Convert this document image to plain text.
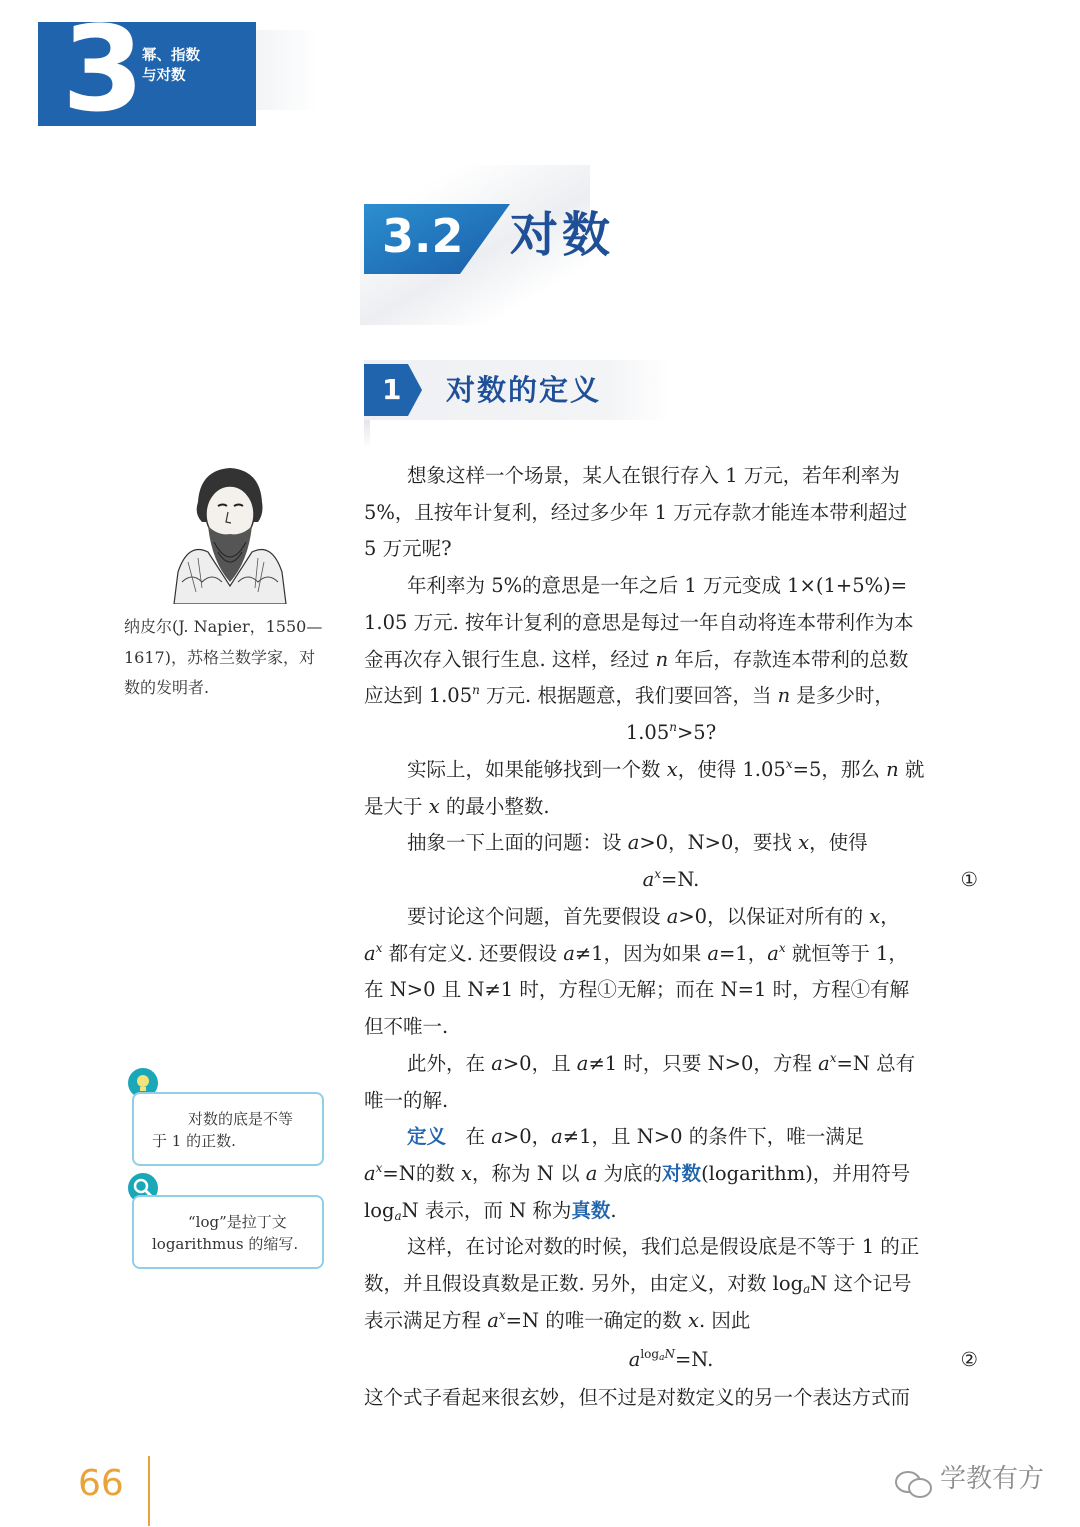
3 幂、指数
与对数
3.2 对数
1 对数的定义
纳皮尔(J. Napier，1550—
1617)，苏格兰数学家，对
数的发明者.
想象这样一个场景，某人在银行存入 1 万元，若年利率为
5%，且按年计复利，经过多少年 1 万元存款才能连本带利超过
5 万元呢?
年利率为 5%的意思是一年之后 1 万元变成 1×(1+5%)=
1.05 万元. 按年计复利的意思是每过一年自动将连本带利作为本
金再次存入银行生息. 这样，经过 n 年后，存款连本带利的总数
应达到 1.05$^n$ 万元. 根据题意，我们要回答，当 n 是多少时，
$1.05^n>5$?
实际上，如果能够找到一个数 x，使得 $1.05^x=5$，那么 n 就
是大于 x 的最小整数.
抽象一下上面的问题：设 a>0，N>0，要找 x，使得
$a^x=N$.	①
要讨论这个问题，首先要假设 a>0，以保证对所有的 x，
$a^x$ 都有定义. 还要假设 a≠1，因为如果 a=1，$a^x$ 就恒等于 1，
在 N>0 且 N≠1 时，方程①无解；而在 N=1 时，方程①有解
但不唯一.
此外，在 a>0，且 a≠1 时，只要 N>0，方程 $a^x=N$ 总有
唯一的解.
定义　 在 a>0，a≠1，且 N>0 的条件下，唯一满足
$a^x=N$的数 x，称为 N 以 a 为底的对数(logarithm)，并用符号
$\log_aN$ 表示，而 N 称为真数.
这样，在讨论对数的时候，我们总是假设底是不等于 1 的正
数，并且假设真数是正数. 另外，由定义，对数 $\log_aN$ 这个记号
表示满足方程 $a^x=N$ 的唯一确定的数 x. 因此
$a^{log_aN}=N$.	②
这个式子看起来很玄妙，但不过是对数定义的另一个表达方式而
对数的底是不等
于 1 的正数.
“log”是拉丁文
logarithmus 的缩写.
66	学教有方
